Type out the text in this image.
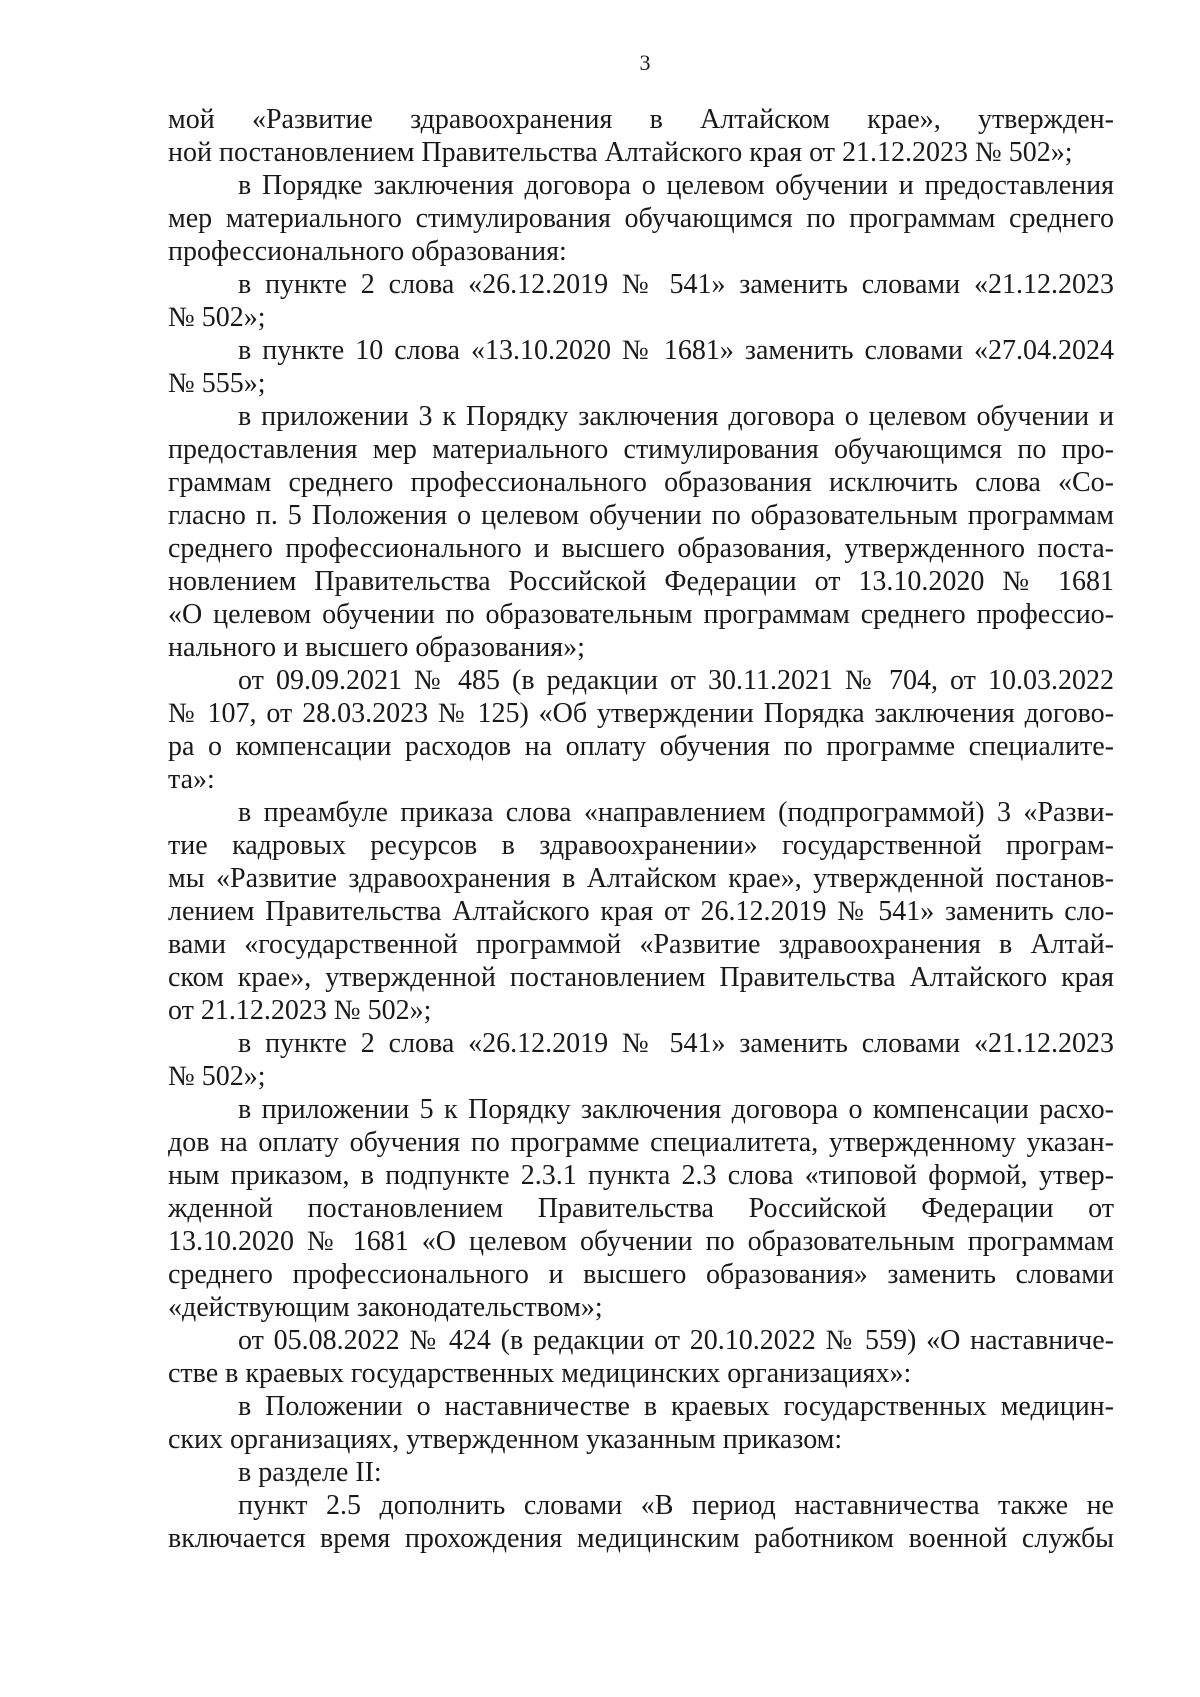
3
мой «Развитие здравоохранения в Алтайском крае», утвержден-
ной постановлением Правительства Алтайского края от 21.12.2023 № 502»;
в Порядке заключения договора о целевом обучении и предоставления
мер материального стимулирования обучающимся по программам среднего
профессионального образования:
в пункте 2 слова «26.12.2019 № 541» заменить словами «21.12.2023
№ 502»;
в пункте 10 слова «13.10.2020 № 1681» заменить словами «27.04.2024
№ 555»;
в приложении 3 к Порядку заключения договора о целевом обучении и
предоставления мер материального стимулирования обучающимся по про-
граммам среднего профессионального образования исключить слова «Со-
гласно п. 5 Положения о целевом обучении по образовательным программам
среднего профессионального и высшего образования, утвержденного поста-
новлением Правительства Российской Федерации от 13.10.2020 № 1681
«О целевом обучении по образовательным программам среднего профессио-
нального и высшего образования»;
от 09.09.2021 № 485 (в редакции от 30.11.2021 № 704, от 10.03.2022
№ 107, от 28.03.2023 № 125) «Об утверждении Порядка заключения догово-
ра о компенсации расходов на оплату обучения по программе специалите-
та»:
в преамбуле приказа слова «направлением (подпрограммой) 3 «Разви-
тие кадровых ресурсов в здравоохранении» государственной програм-
мы «Развитие здравоохранения в Алтайском крае», утвержденной постанов-
лением Правительства Алтайского края от 26.12.2019 № 541» заменить сло-
вами «государственной программой «Развитие здравоохранения в Алтай-
ском крае», утвержденной постановлением Правительства Алтайского края
от 21.12.2023 № 502»;
в пункте 2 слова «26.12.2019 № 541» заменить словами «21.12.2023
№ 502»;
в приложении 5 к Порядку заключения договора о компенсации расхо-
дов на оплату обучения по программе специалитета, утвержденному указан-
ным приказом, в подпункте 2.3.1 пункта 2.3 слова «типовой формой, утвер-
жденной постановлением Правительства Российской Федерации от
13.10.2020 № 1681 «О целевом обучении по образовательным программам
среднего профессионального и высшего образования» заменить словами
«действующим законодательством»;
от 05.08.2022 № 424 (в редакции от 20.10.2022 № 559) «О наставниче-
стве в краевых государственных медицинских организациях»:
в Положении о наставничестве в краевых государственных медицин-
ских организациях, утвержденном указанным приказом:
в разделе II:
пункт 2.5 дополнить словами «В период наставничества также не
включается время прохождения медицинским работником военной службы
